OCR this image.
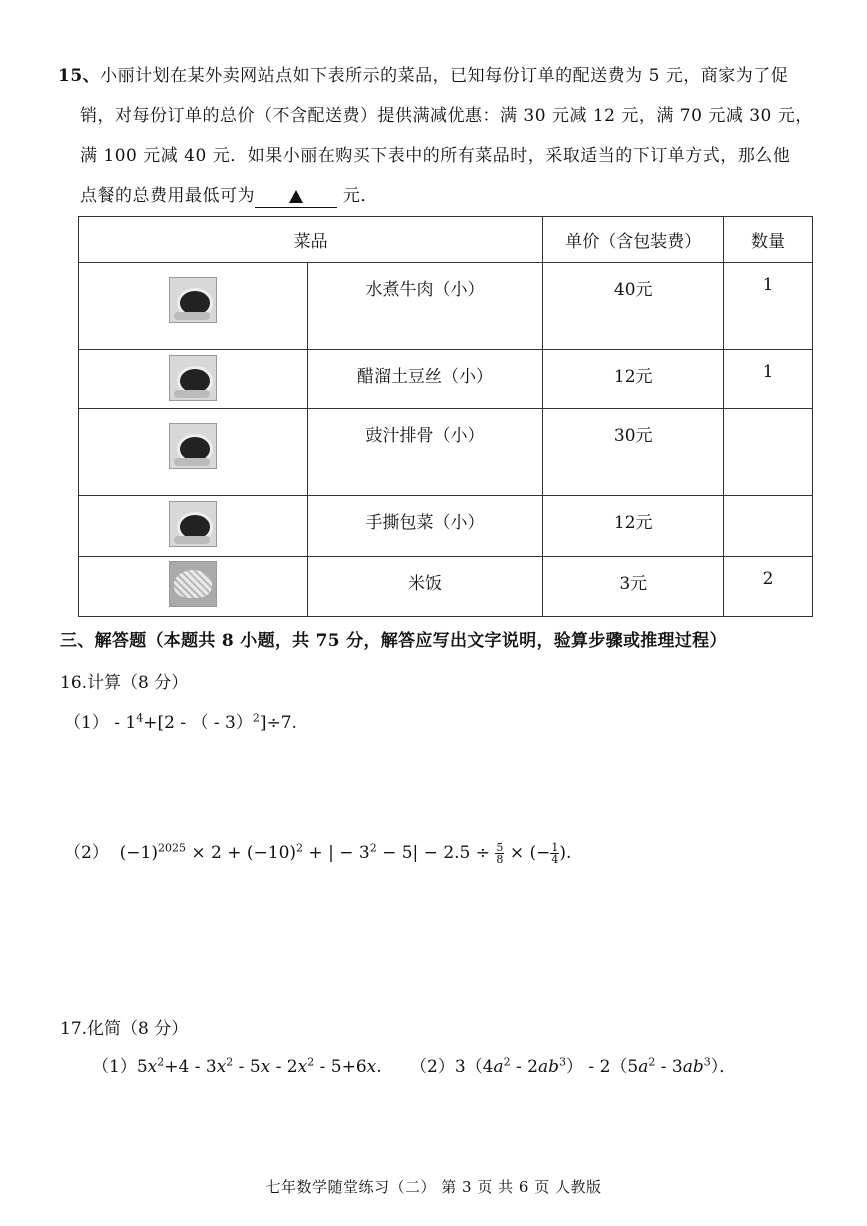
15、小丽计划在某外卖网站点如下表所示的菜品，已知每份订单的配送费为 5 元，商家为了促
销，对每份订单的总价（不含配送费）提供满减优惠：满 30 元减 12 元，满 70 元减 30 元，
满 100 元减 40 元．如果小丽在购买下表中的所有菜品时，采取适当的下订单方式，那么他
点餐的总费用最低可为	元．
菜品		单价（含包装费）	数量

	水煮牛肉（小）	40元	1

	醋溜土豆丝（小）	12元	1

	豉汁排骨（小）	30元	

	手撕包菜（小）	12元	

	米饭	3元	2
三、解答题（本题共 8 小题，共 75 分，解答应写出文字说明，验算步骤或推理过程）
16.计算（8 分）
$(1) - 1^4+[2$ - （ - 3）$^2$]÷7.
（2）  $(-1)^{2025} \times 2 + (-10)^2$ + | − $3^2 - 5| - 2.5 \div \frac{5}{8}$ × (− $\frac{1}{4}$ ).
17.化简（8 分）
$(1)5x^2+4 - 3x^2 - 5x - 2x^2 - 5+6x$. $(2)3(4a^2 - 2ab^3) - 2(5a^2 - 3ab^3)$．
七年数学随堂练习（二） 第 3 页 共 6 页 人教版
